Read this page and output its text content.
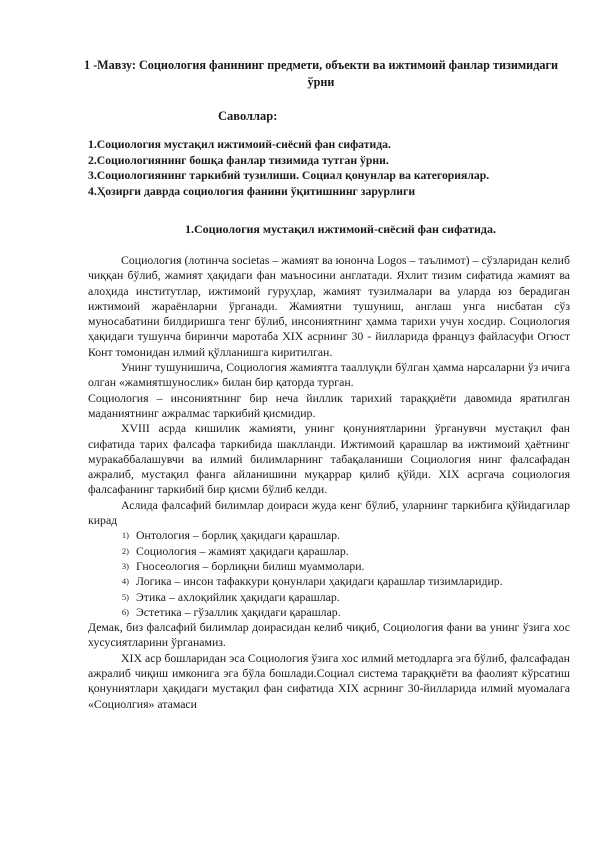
1 -Мавзу: Социология фанининг предмети, объекти ва ижтимоий фанлар тизимидаги ўрни
Саволлар:
1.Социология мустақил ижтимоий-сиёсий фан сифатида.
2.Социологиянинг бошқа фанлар тизимида тутган ўрни.
3.Социологиянинг таркибий тузилиши. Социал қонунлар ва категориялар.
4.Ҳозирги даврда социология фанини ўқитишнинг зарурлиги
1.Социология мустақил ижтимоий-сиёсий фан сифатида.

Социология (лотинча societas – жамият ва юнонча Logos – таълимот) – сўзларидан келиб чиққан бўлиб, жамият ҳақидаги фан маъносини англатади. Яхлит тизим сифатида жамият ва алоҳида институтлар, ижтимоий гуруҳлар, жамият тузилмалари ва уларда юз берадиган ижтимоий жараёнларни ўрганади. Жамиятни тушуниш, англаш унга нисбатан сўз муносабатини билдиришга тенг бўлиб, инсониятнинг ҳамма тарихи учун хосдир. Социология ҳақидаги тушунча биринчи маротаба XIX асрнинг 30 - йилларида француз файласуфи Огюст Конт томонидан илмий қўлланишга киритилган.

Унинг тушунишича, Социология жамиятга тааллуқли бўлган ҳамма нарсаларни ўз ичига олган «жамиятшунослик» билан бир қаторда турган.

Социология – инсониятнинг бир неча йиллик тарихий тараққиёти давомида яратилган маданиятнинг ажралмас таркибий қисмидир.

XVIII асрда кишилик жамияти, унинг қонуниятларини ўрганувчи мустақил фан сифатида тарих фалсафа таркибида шаклланди. Ижтимоий қарашлар ва ижтимоий ҳаётнинг муракаббалашувчи ва илмий билимларнинг табақаланиши Социология нинг фалсафадан ажралиб, мустақил фанга айланишини муқаррар қилиб қўйди. XIX асргача социология фалсафанинг таркибий бир қисми бўлиб келди.

Аслида фалсафий билимлар доираси жуда кенг бўлиб, уларнинг таркибига қўйидагилар кирад

1) Онтология – борлиқ ҳақидаги қарашлар.
2) Социология – жамият ҳақидаги қарашлар.
3) Гносеология – борлиқни билиш муаммолари.
4) Логика – инсон тафаккури қонунлари ҳақидаги қарашлар тизимларидир.
5) Этика – ахлоқийлик ҳақидаги қарашлар.
6) Эстетика – гўзаллик ҳақидаги қарашлар.

Демак, биз фалсафий билимлар доирасидан келиб чиқиб, Социология фани ва унинг ўзига хос хусусиятларини ўрганамиз.

XIX аср бошларидан эса Социология ўзига хос илмий методларга эга бўлиб, фалсафадан ажралиб чиқиш имконига эга бўла бошлади.Социал система тараққиёти ва фаолият кўрсатиш қонуниятлари ҳақидаги мустақил фан сифатида XIX асрнинг 30-йилларида илмий муомалага «Социолгия» атамаси
